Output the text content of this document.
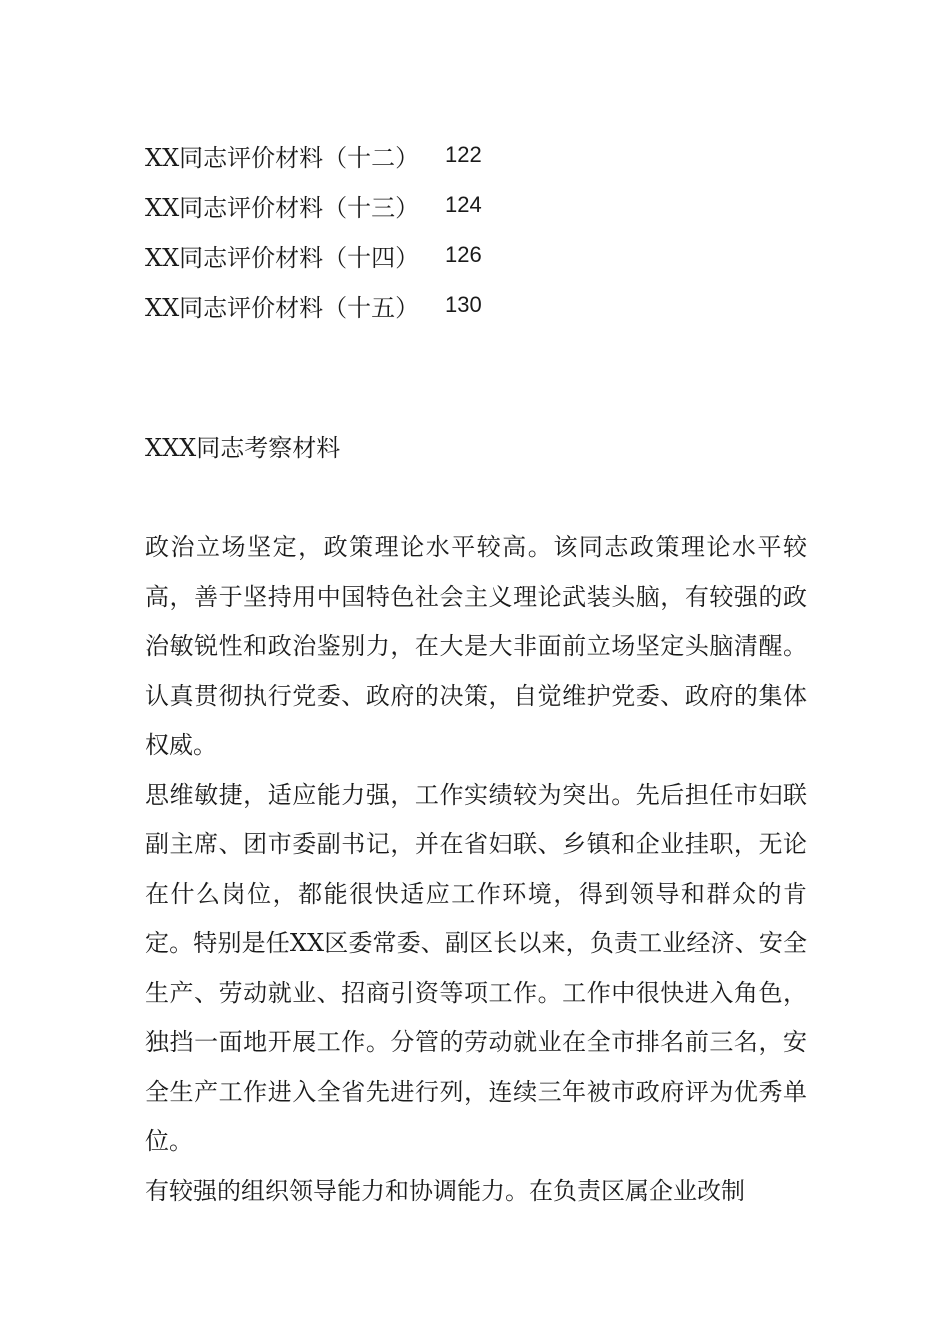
XX同志评价材料（十二）	122
XX同志评价材料（十三）	124
XX同志评价材料（十四）	126
XX同志评价材料（十五）	130
XXX同志考察材料

政治立场坚定，政策理论水平较高。该同志政策理论水平较高，善于坚持用中国特色社会主义理论武装头脑，有较强的政治敏锐性和政治鉴别力，在大是大非面前立场坚定头脑清醒。认真贯彻执行党委、政府的决策，自觉维护党委、政府的集体权威。

思维敏捷，适应能力强，工作实绩较为突出。先后担任市妇联副主席、团市委副书记，并在省妇联、乡镇和企业挂职，无论在什么岗位，都能很快适应工作环境，得到领导和群众的肯定。特别是任XX区委常委、副区长以来，负责工业经济、安全生产、劳动就业、招商引资等项工作。工作中很快进入角色，独挡一面地开展工作。分管的劳动就业在全市排名前三名，安全生产工作进入全省先进行列，连续三年被市政府评为优秀单位。

有较强的组织领导能力和协调能力。在负责区属企业改制
